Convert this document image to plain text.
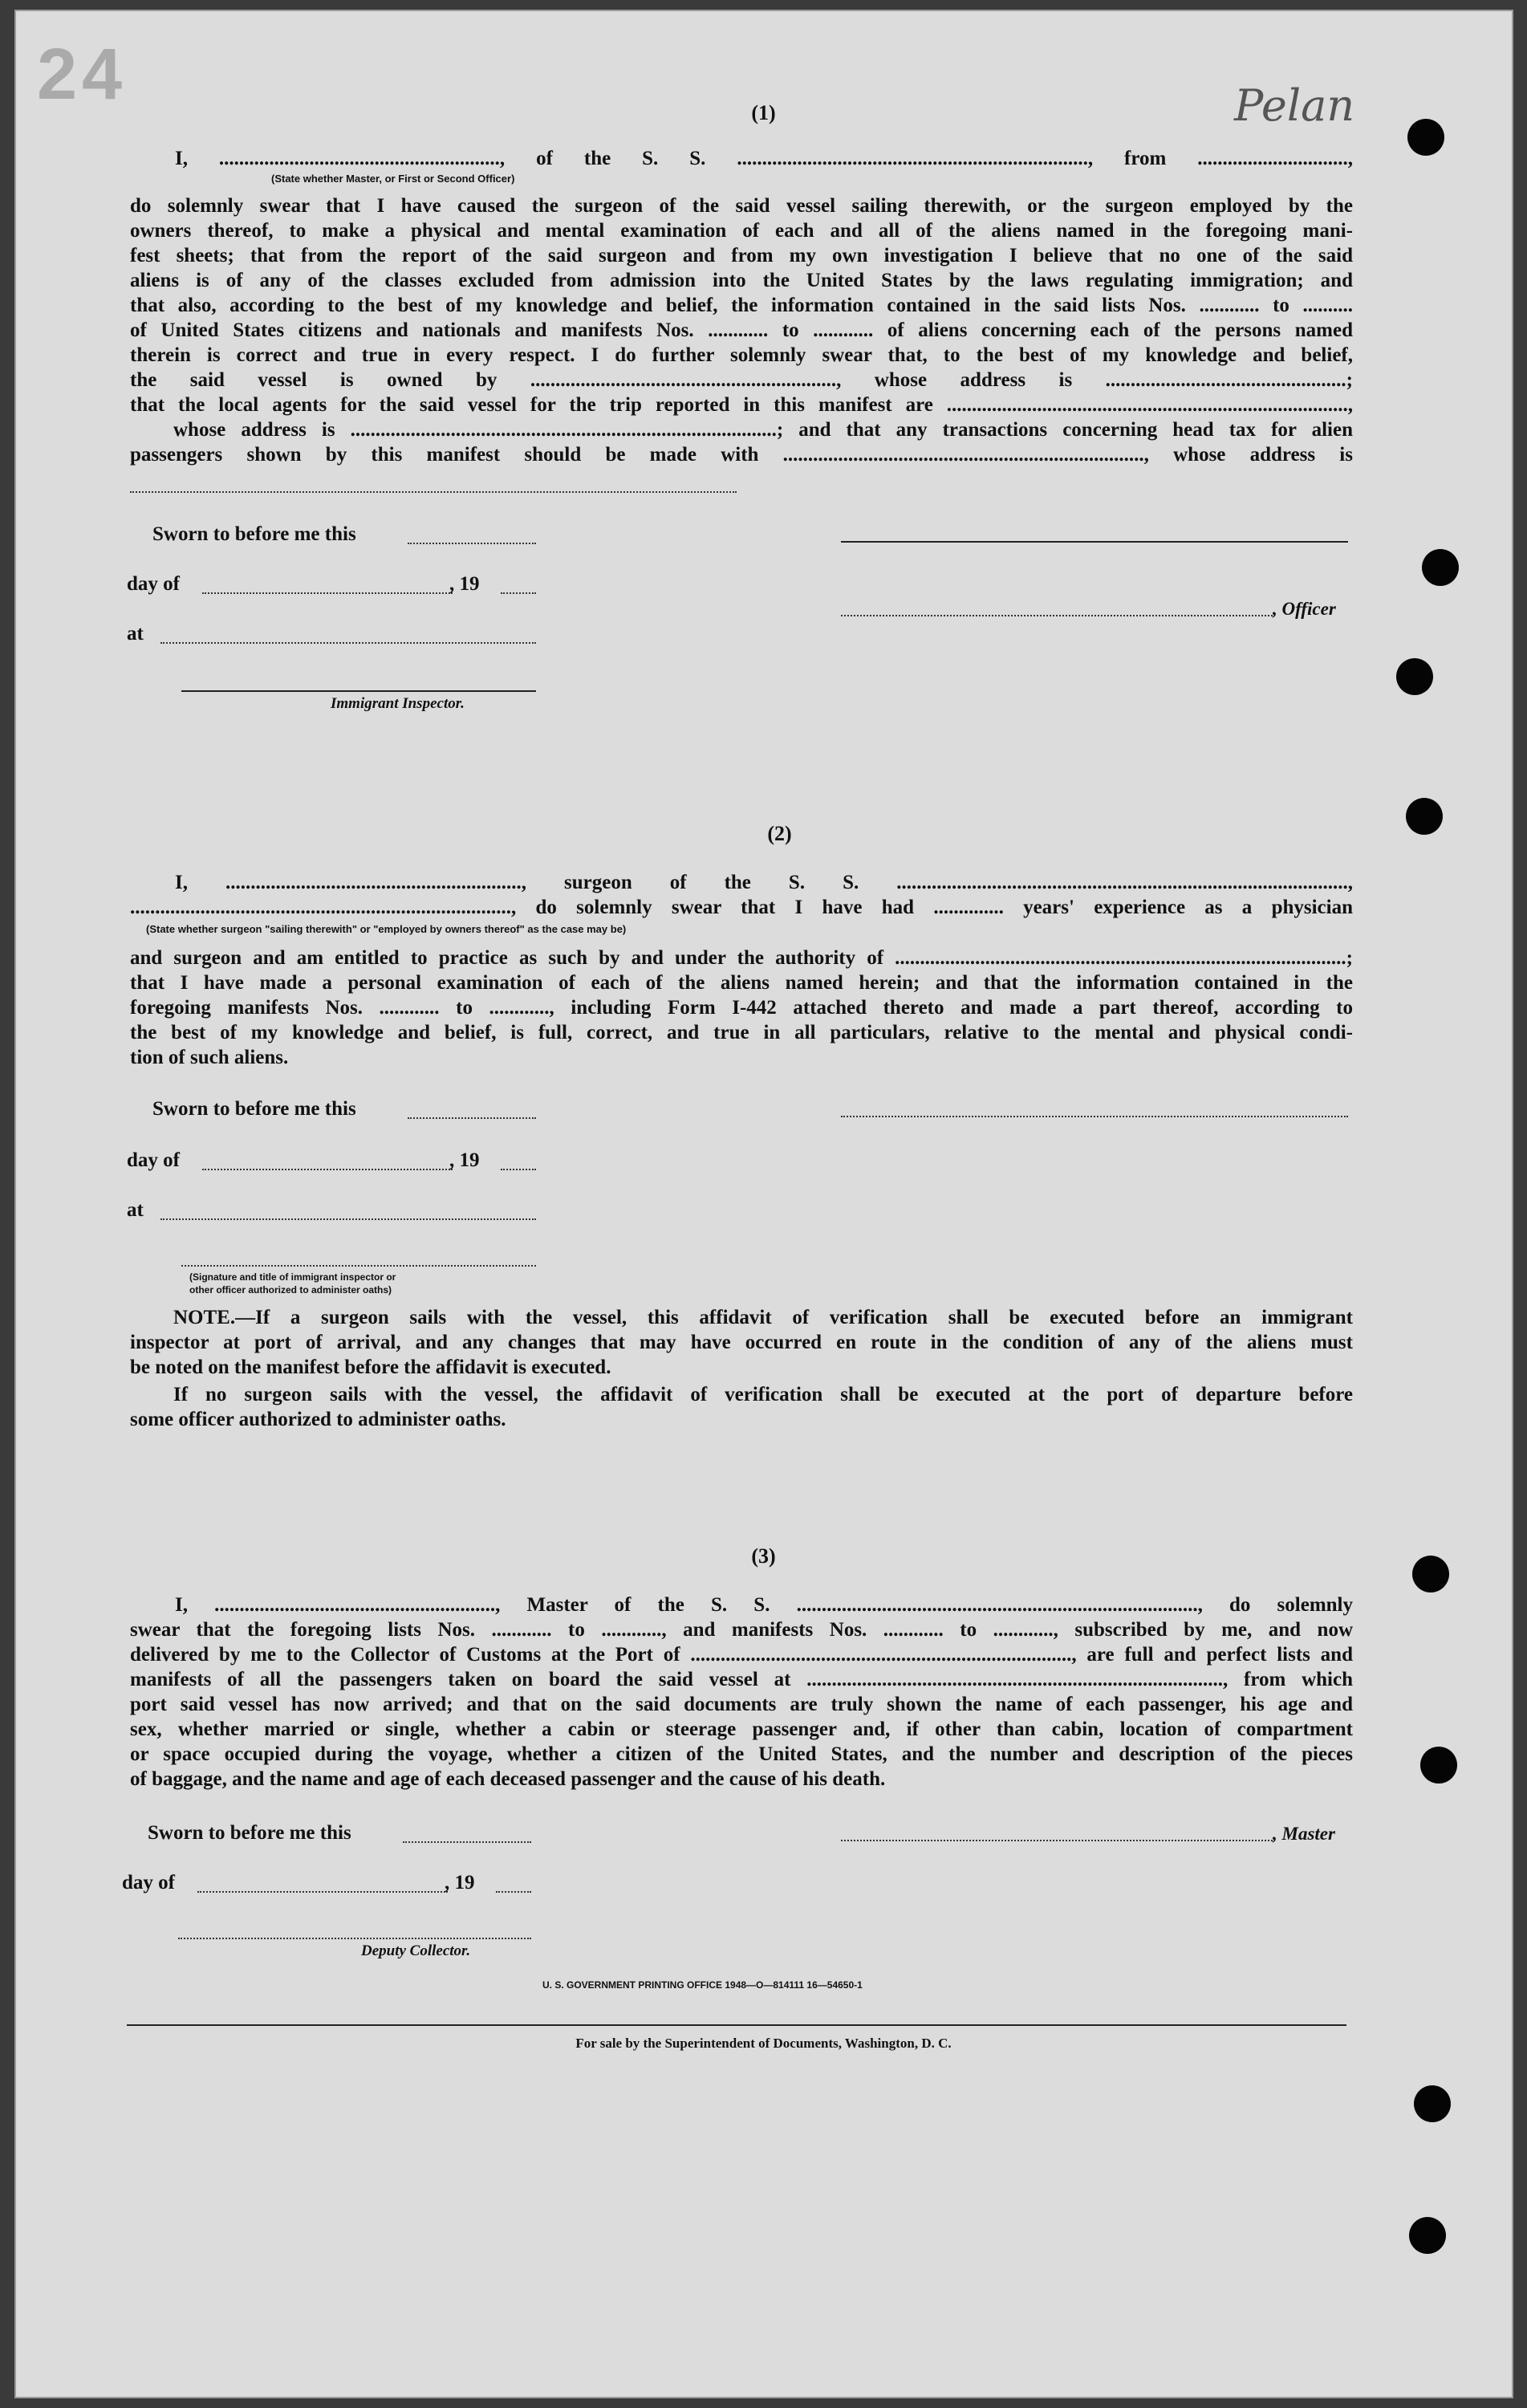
24	Pelan
(1)
I, ........................................................, of the S. S. ......................................................................, from ..............................,
(State whether Master, or First or Second Officer)
do solemnly swear that I have caused the surgeon of the said vessel sailing therewith, or the surgeon employed by the
owners thereof, to make a physical and mental examination of each and all of the aliens named in the foregoing mani-
fest sheets; that from the report of the said surgeon and from my own investigation I believe that no one of the said
aliens is of any of the classes excluded from admission into the United States by the laws regulating immigration; and
that also, according to the best of my knowledge and belief, the information contained in the said lists Nos. ............ to ..........
of United States citizens and nationals and manifests Nos. ............ to ............ of aliens concerning each of the persons named
therein is correct and true in every respect. I do further solemnly swear that, to the best of my knowledge and belief,
the said vessel is owned by ............................................................., whose address is ................................................;
that the local agents for the said vessel for the trip reported in this manifest are ................................................................................,
whose address is .....................................................................................; and that any transactions concerning head tax for alien
passengers shown by this manifest should be made with ........................................................................, whose address is
Sworn to before me this
day of	, 19
, Officer
at
Immigrant Inspector.
(2)
I, ..........................................................., surgeon of the S. S. ..........................................................................................,
............................................................................, do solemnly swear that I have had .............. years' experience as a physician
(State whether surgeon "sailing therewith" or "employed by owners thereof" as the case may be)
and surgeon and am entitled to practice as such by and under the authority of ..........................................................................................;
that I have made a personal examination of each of the aliens named herein; and that the information contained in the
foregoing manifests Nos. ............ to ............, including Form I-442 attached thereto and made a part thereof, according to
the best of my knowledge and belief, is full, correct, and true in all particulars, relative to the mental and physical condi-
tion of such aliens.
Sworn to before me this
day of	, 19
at
(Signature and title of immigrant inspector or
other officer authorized to administer oaths)
NOTE.—If a surgeon sails with the vessel, this affidavit of verification shall be executed before an immigrant
inspector at port of arrival, and any changes that may have occurred en route in the condition of any of the aliens must
be noted on the manifest before the affidavit is executed.
If no surgeon sails with the vessel, the affidavit of verification shall be executed at the port of departure before
some officer authorized to administer oaths.
(3)
I, ........................................................, Master of the S. S. ................................................................................, do solemnly
swear that the foregoing lists Nos. ............ to ............, and manifests Nos. ............ to ............, subscribed by me, and now
delivered by me to the Collector of Customs at the Port of ............................................................................, are full and perfect lists and
manifests of all the passengers taken on board the said vessel at ..................................................................................., from which
port said vessel has now arrived; and that on the said documents are truly shown the name of each passenger, his age and
sex, whether married or single, whether a cabin or steerage passenger and, if other than cabin, location of compartment
or space occupied during the voyage, whether a citizen of the United States, and the number and description of the pieces
of baggage, and the name and age of each deceased passenger and the cause of his death.
Sworn to before me this	, Master
day of	, 19
Deputy Collector.
U. S. GOVERNMENT PRINTING OFFICE 1948—O—814111 16—54650-1
For sale by the Superintendent of Documents, Washington, D. C.
